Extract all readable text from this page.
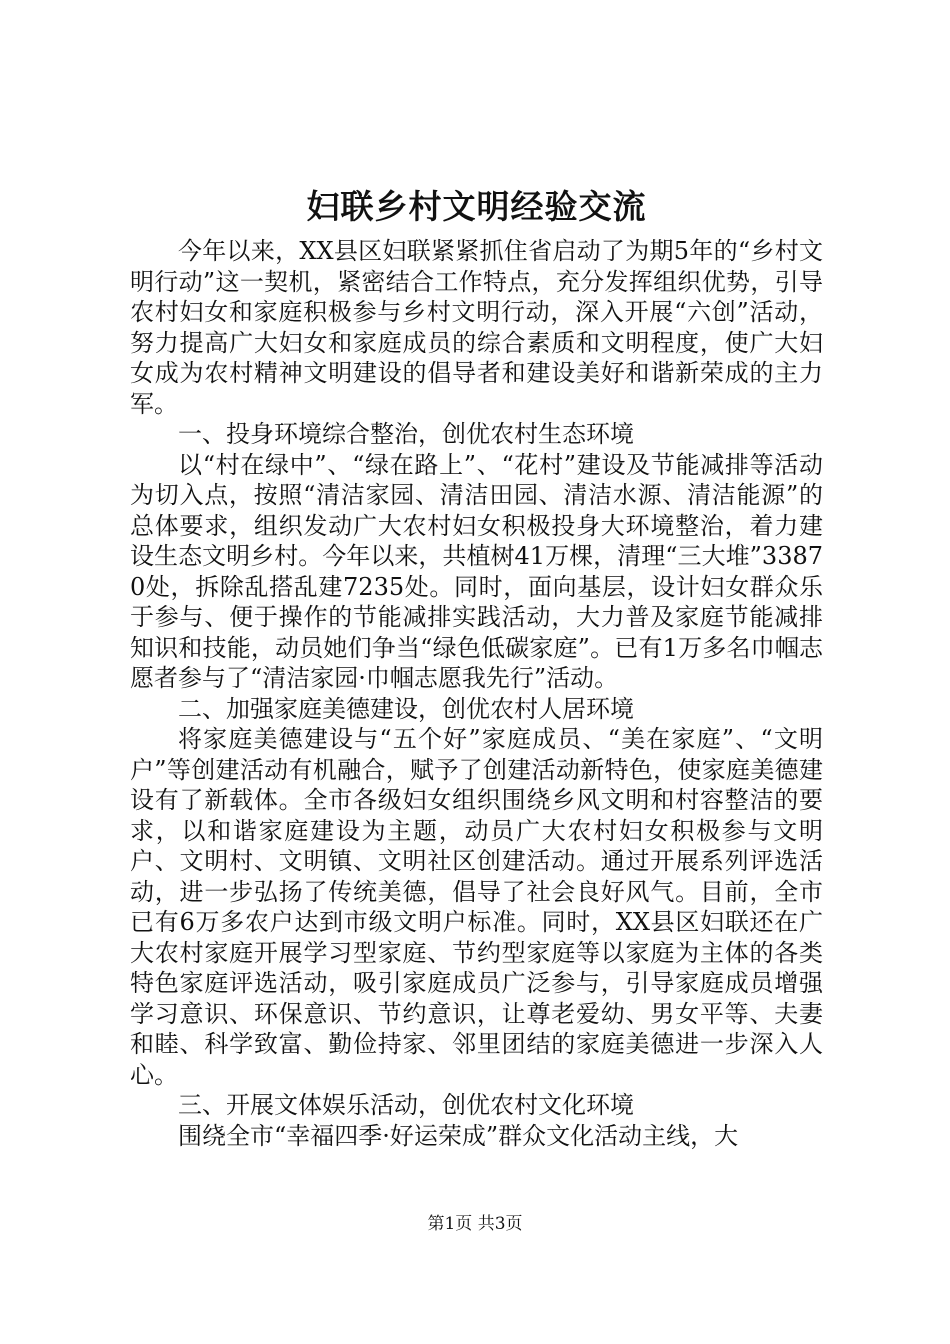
妇联乡村文明经验交流

今年以来，XX县区妇联紧紧抓住省启动了为期5年的“乡村文明行动”这一契机，紧密结合工作特点，充分发挥组织优势，引导农村妇女和家庭积极参与乡村文明行动，深入开展“六创”活动，努力提高广大妇女和家庭成员的综合素质和文明程度，使广大妇女成为农村精神文明建设的倡导者和建设美好和谐新荣成的主力军。

一、投身环境综合整治，创优农村生态环境

以“村在绿中”、“绿在路上”、“花村”建设及节能减排等活动为切入点，按照“清洁家园、清洁田园、清洁水源、清洁能源”的总体要求，组织发动广大农村妇女积极投身大环境整治，着力建设生态文明乡村。今年以来，共植树41万棵，清理“三大堆”33870处，拆除乱搭乱建7235处。同时，面向基层，设计妇女群众乐于参与、便于操作的节能减排实践活动，大力普及家庭节能减排知识和技能，动员她们争当“绿色低碳家庭”。已有1万多名巾帼志愿者参与了“清洁家园·巾帼志愿我先行”活动。

二、加强家庭美德建设，创优农村人居环境

将家庭美德建设与“五个好”家庭成员、“美在家庭”、“文明户”等创建活动有机融合，赋予了创建活动新特色，使家庭美德建设有了新载体。全市各级妇女组织围绕乡风文明和村容整洁的要求，以和谐家庭建设为主题，动员广大农村妇女积极参与文明户、文明村、文明镇、文明社区创建活动。通过开展系列评选活动，进一步弘扬了传统美德，倡导了社会良好风气。目前，全市已有6万多农户达到市级文明户标准。同时，XX县区妇联还在广大农村家庭开展学习型家庭、节约型家庭等以家庭为主体的各类特色家庭评选活动，吸引家庭成员广泛参与，引导家庭成员增强学习意识、环保意识、节约意识，让尊老爱幼、男女平等、夫妻和睦、科学致富、勤俭持家、邻里团结的家庭美德进一步深入人心。

三、开展文体娱乐活动，创优农村文化环境

围绕全市“幸福四季·好运荣成”群众文化活动主线，大

第1页 共3页
